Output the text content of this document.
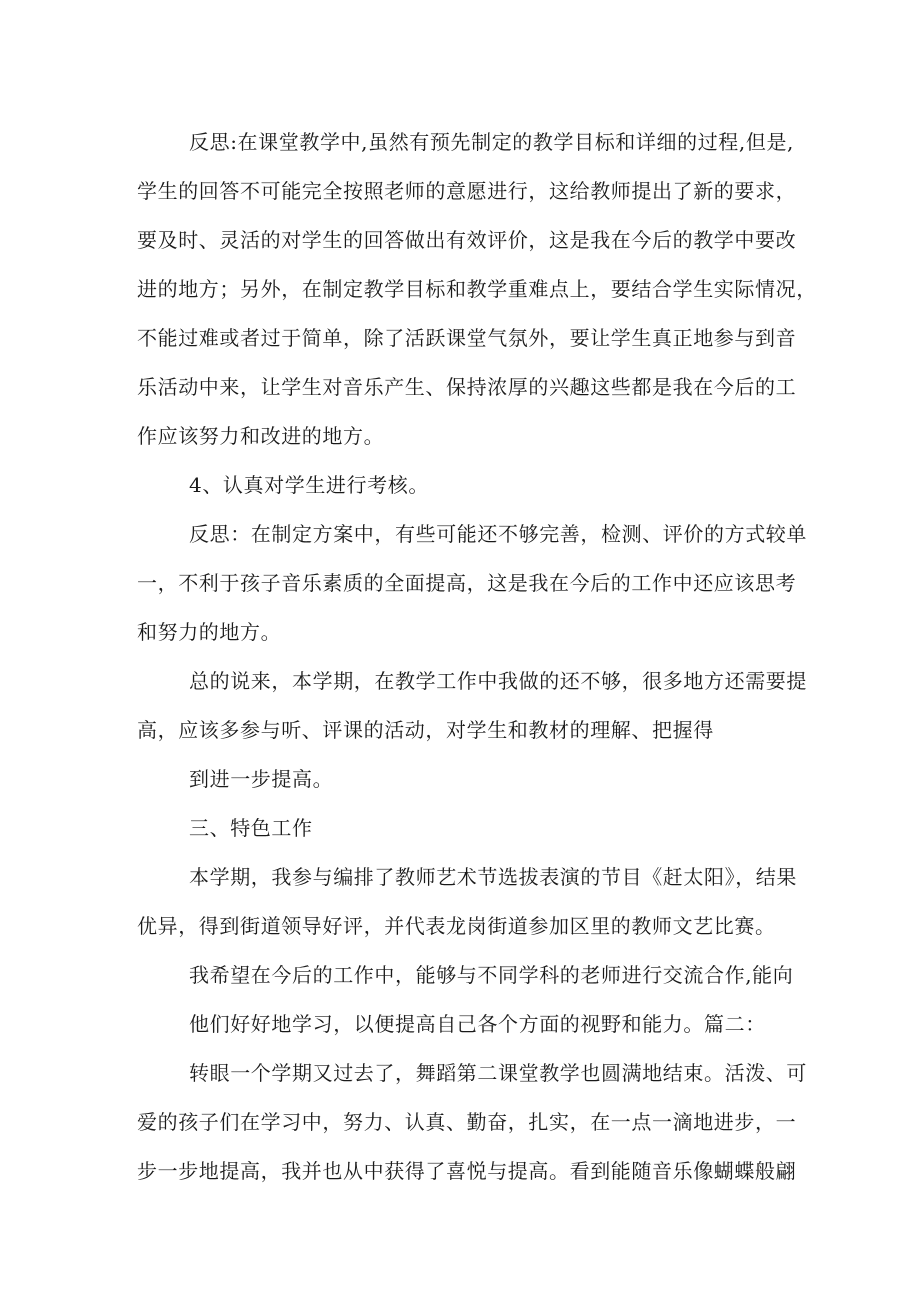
反思:在课堂教学中,虽然有预先制定的教学目标和详细的过程,但是,
学生的回答不可能完全按照老师的意愿进行，这给教师提出了新的要求，
要及时、灵活的对学生的回答做出有效评价，这是我在今后的教学中要改
进的地方；另外，在制定教学目标和教学重难点上，要结合学生实际情况，
不能过难或者过于简单，除了活跃课堂气氛外，要让学生真正地参与到音
乐活动中来，让学生对音乐产生、保持浓厚的兴趣这些都是我在今后的工
作应该努力和改进的地方。
4、认真对学生进行考核。
反思：在制定方案中，有些可能还不够完善，检测、评价的方式较单
一，不利于孩子音乐素质的全面提高，这是我在今后的工作中还应该思考
和努力的地方。
总的说来，本学期，在教学工作中我做的还不够，很多地方还需要提
高，应该多参与听、评课的活动，对学生和教材的理解、把握得
到进一步提高。
三、特色工作
本学期，我参与编排了教师艺术节选拔表演的节目《赶太阳》，结果
优异，得到街道领导好评，并代表龙岗街道参加区里的教师文艺比赛。
我希望在今后的工作中，能够与不同学科的老师进行交流合作,能向
他们好好地学习，以便提高自己各个方面的视野和能力。篇二：
转眼一个学期又过去了，舞蹈第二课堂教学也圆满地结束。活泼、可
爱的孩子们在学习中，努力、认真、勤奋，扎实，在一点一滴地进步，一
步一步地提高，我并也从中获得了喜悦与提高。看到能随音乐像蝴蝶般翩
